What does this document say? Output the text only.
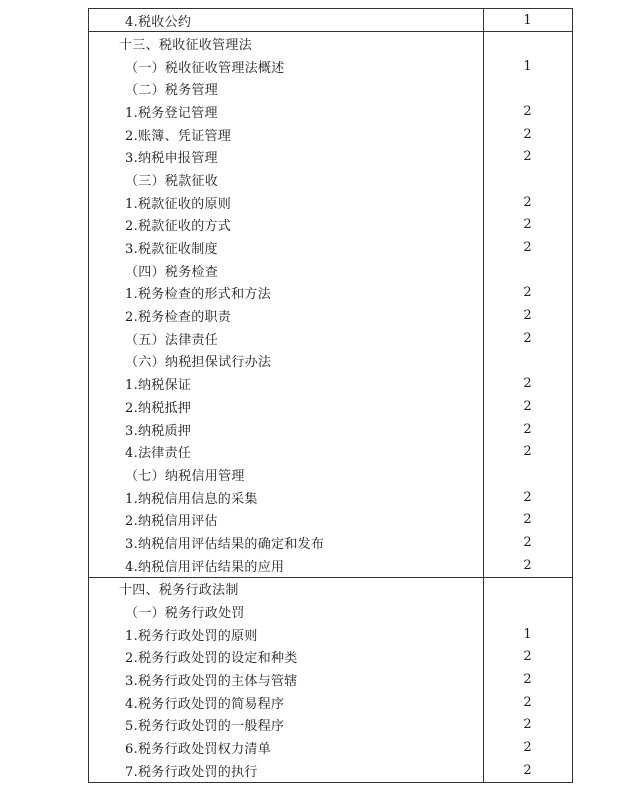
4.税收公约	1
十三、税收征收管理法
（一）税收征收管理法概述	1
（二）税务管理
1.税务登记管理	2
2.账簿、凭证管理	2
3.纳税申报管理	2
（三）税款征收
1.税款征收的原则	2
2.税款征收的方式	2
3.税款征收制度	2
（四）税务检查
1.税务检查的形式和方法	2
2.税务检查的职责	2
（五）法律责任	2
（六）纳税担保试行办法
1.纳税保证	2
2.纳税抵押	2
3.纳税质押	2
4.法律责任	2
（七）纳税信用管理
1.纳税信用信息的采集	2
2.纳税信用评估	2
3.纳税信用评估结果的确定和发布	2
4.纳税信用评估结果的应用	2
十四、税务行政法制
（一）税务行政处罚
1.税务行政处罚的原则	1
2.税务行政处罚的设定和种类	2
3.税务行政处罚的主体与管辖	2
4.税务行政处罚的简易程序	2
5.税务行政处罚的一般程序	2
6.税务行政处罚权力清单	2
7.税务行政处罚的执行	2
